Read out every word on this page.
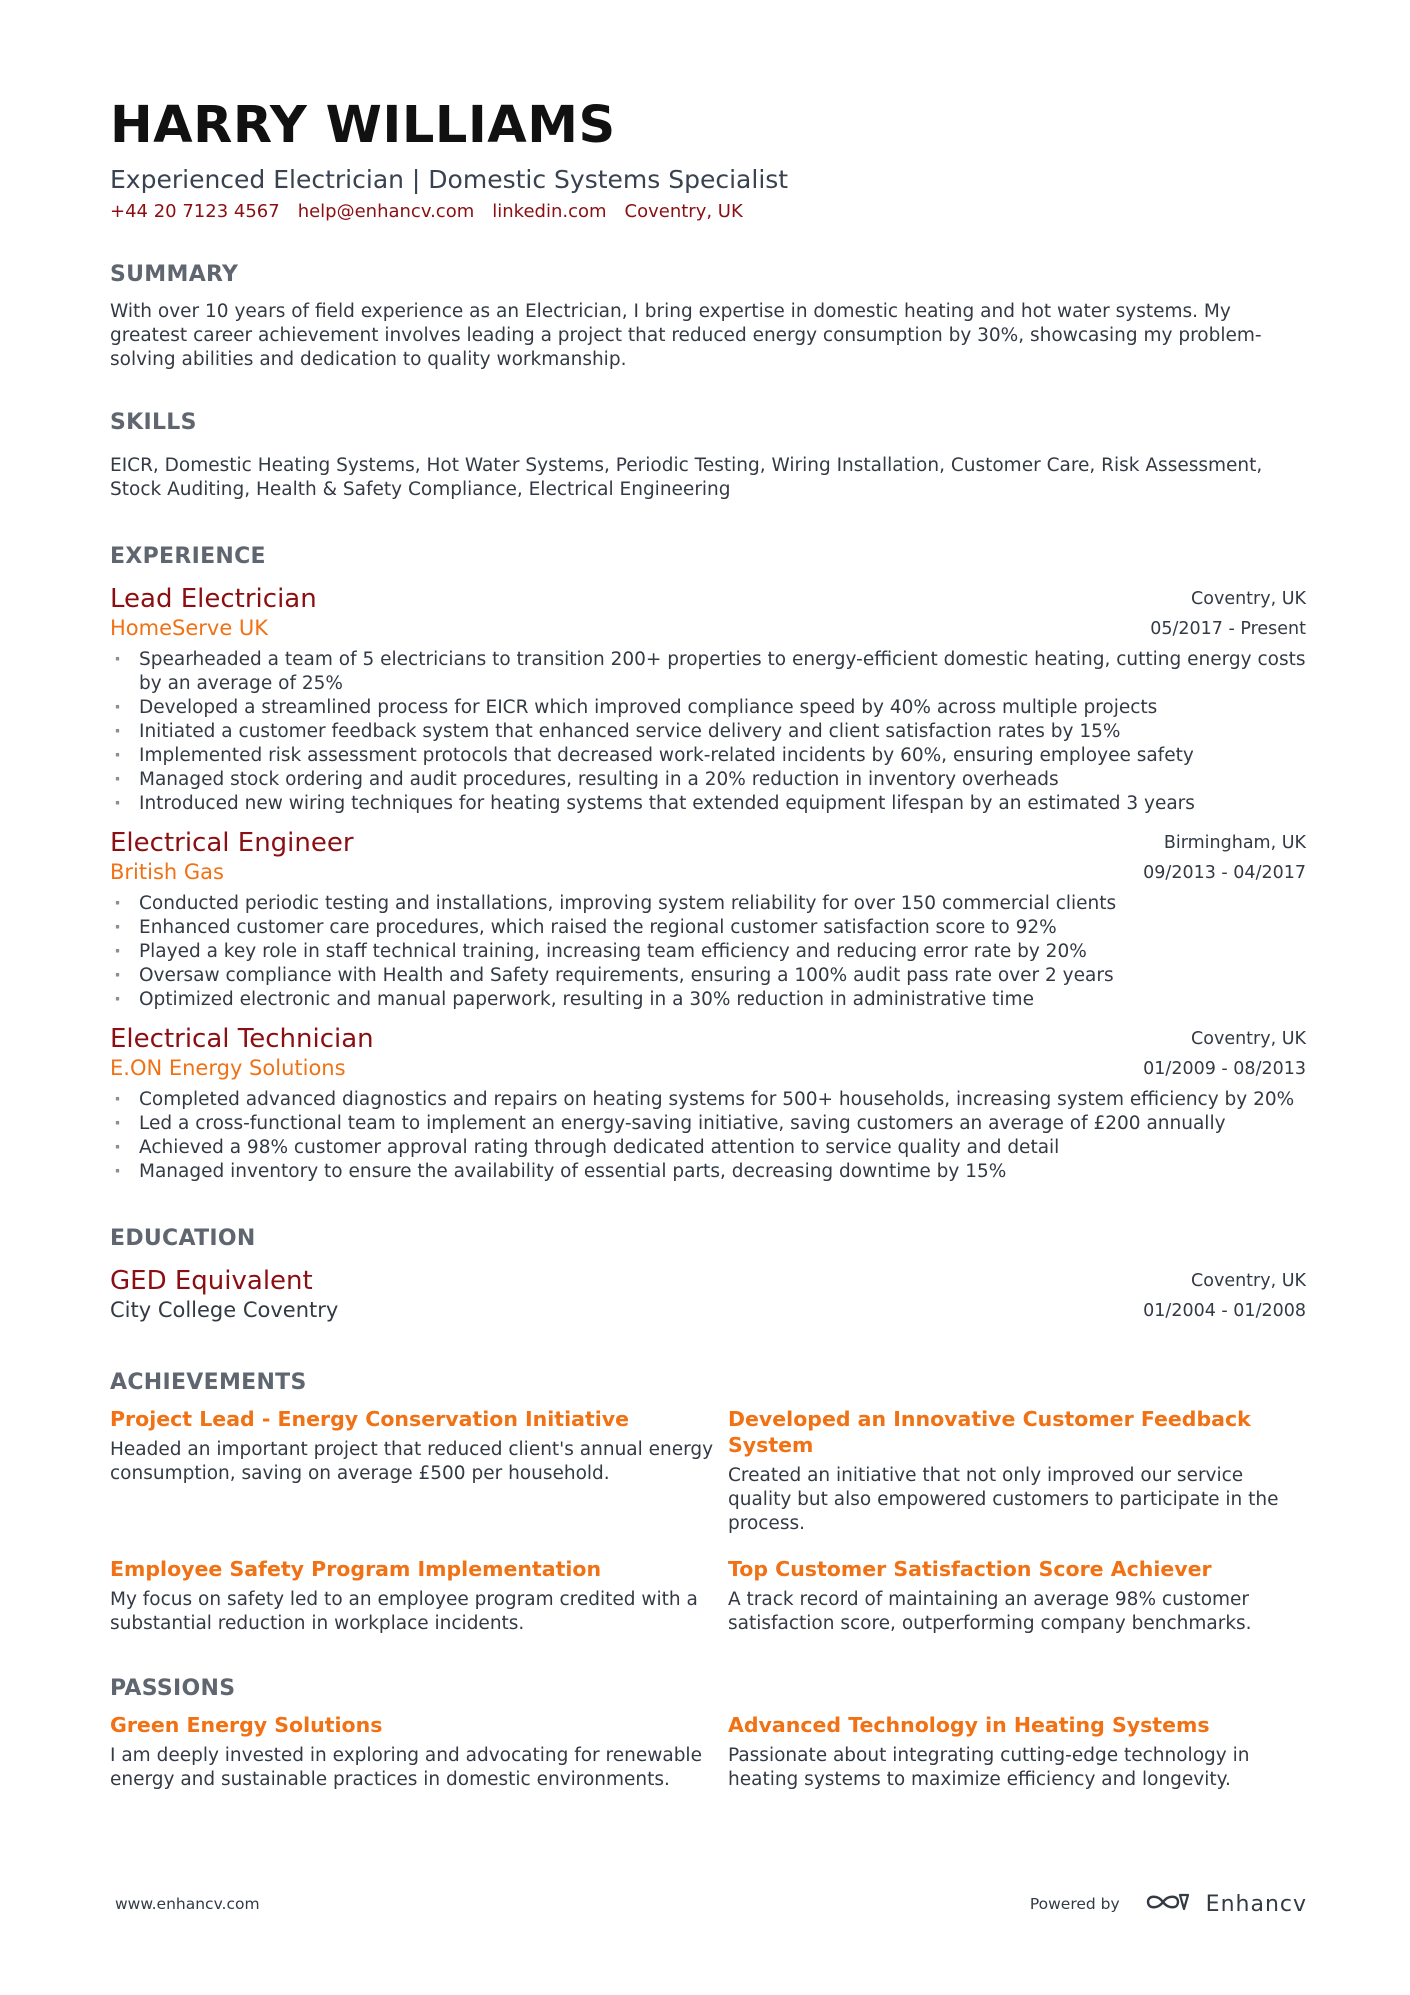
HARRY WILLIAMS
Experienced Electrician | Domestic Systems Specialist
+44 20 7123 4567 help@enhancv.com linkedin.com Coventry, UK
SUMMARY
With over 10 years of field experience as an Electrician, I bring expertise in domestic heating and hot water systems. My greatest career achievement involves leading a project that reduced energy consumption by 30%, showcasing my problem-solving abilities and dedication to quality workmanship.
SKILLS
EICR, Domestic Heating Systems, Hot Water Systems, Periodic Testing, Wiring Installation, Customer Care, Risk Assessment, Stock Auditing, Health & Safety Compliance, Electrical Engineering
EXPERIENCE
Lead Electrician
HomeServe UK
Coventry, UK
05/2017 - Present
· Spearheaded a team of 5 electricians to transition 200+ properties to energy-efficient domestic heating, cutting energy costs by an average of 25%
· Developed a streamlined process for EICR which improved compliance speed by 40% across multiple projects
· Initiated a customer feedback system that enhanced service delivery and client satisfaction rates by 15%
· Implemented risk assessment protocols that decreased work-related incidents by 60%, ensuring employee safety
· Managed stock ordering and audit procedures, resulting in a 20% reduction in inventory overheads
· Introduced new wiring techniques for heating systems that extended equipment lifespan by an estimated 3 years
Electrical Engineer
British Gas
Birmingham, UK
09/2013 - 04/2017
· Conducted periodic testing and installations, improving system reliability for over 150 commercial clients
· Enhanced customer care procedures, which raised the regional customer satisfaction score to 92%
· Played a key role in staff technical training, increasing team efficiency and reducing error rate by 20%
· Oversaw compliance with Health and Safety requirements, ensuring a 100% audit pass rate over 2 years
· Optimized electronic and manual paperwork, resulting in a 30% reduction in administrative time
Electrical Technician
E.ON Energy Solutions
Coventry, UK
01/2009 - 08/2013
· Completed advanced diagnostics and repairs on heating systems for 500+ households, increasing system efficiency by 20%
· Led a cross-functional team to implement an energy-saving initiative, saving customers an average of £200 annually
· Achieved a 98% customer approval rating through dedicated attention to service quality and detail
· Managed inventory to ensure the availability of essential parts, decreasing downtime by 15%
EDUCATION
GED Equivalent
City College Coventry
Coventry, UK
01/2004 - 01/2008
ACHIEVEMENTS
Project Lead - Energy Conservation Initiative
Headed an important project that reduced client's annual energy consumption, saving on average £500 per household.
Developed an Innovative Customer Feedback System
Created an initiative that not only improved our service quality but also empowered customers to participate in the process.
Employee Safety Program Implementation
My focus on safety led to an employee program credited with a substantial reduction in workplace incidents.
Top Customer Satisfaction Score Achiever
A track record of maintaining an average 98% customer satisfaction score, outperforming company benchmarks.
PASSIONS
Green Energy Solutions
I am deeply invested in exploring and advocating for renewable energy and sustainable practices in domestic environments.
Advanced Technology in Heating Systems
Passionate about integrating cutting-edge technology in heating systems to maximize efficiency and longevity.
www.enhancv.com	Powered by	Enhancv
